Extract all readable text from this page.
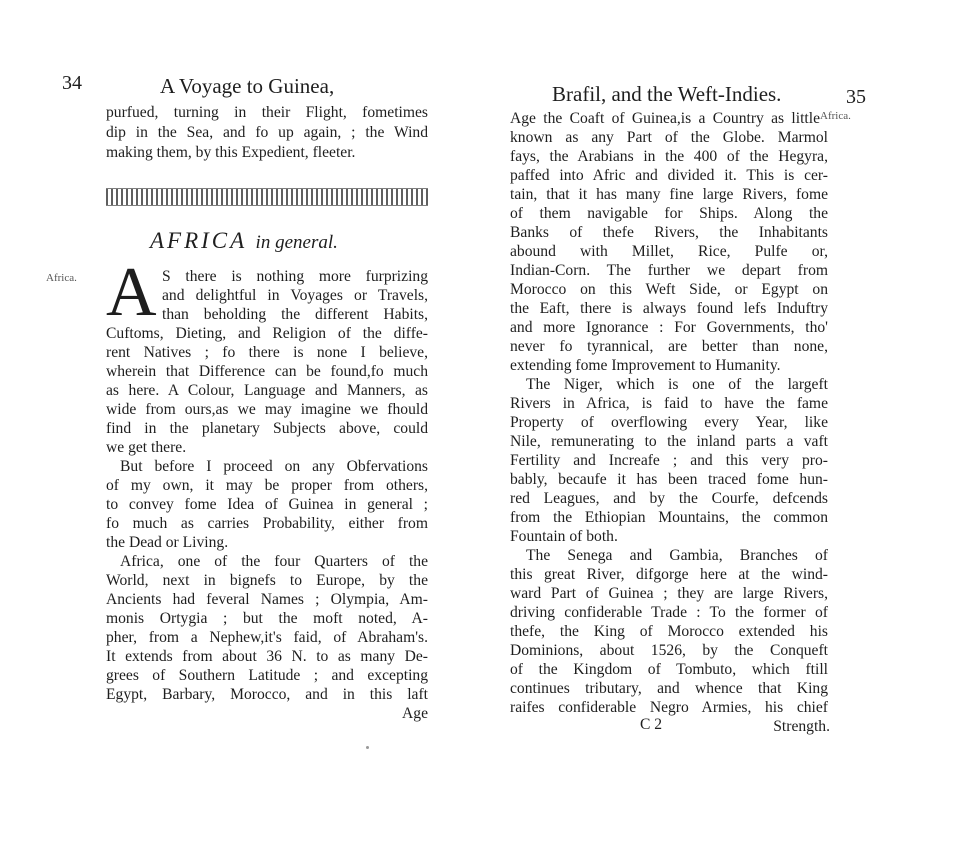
34	A Voyage to Guinea,
purfued, turning in their Flight, fometimes
dip in the Sea, and fo up again, ; the Wind
making them, by this Expedient, fleeter.
AFRICA in general.
Africa. A S there is nothing more furprizing
and delightful in Voyages or Travels,
than beholding the different Habits,
Cuftoms, Dieting, and Religion of the diffe-
rent Natives ; fo there is none I believe,
wherein that Difference can be found,fo much
as here. A Colour, Language and Manners, as
wide from ours,as we may imagine we fhould
find in the planetary Subjects above, could
we get there.
But before I proceed on any Obfervations
of my own, it may be proper from others,
to convey fome Idea of Guinea in general ;
fo much as carries Probability, either from
the Dead or Living.
Africa, one of the four Quarters of the
World, next in bignefs to Europe, by the
Ancients had feveral Names ; Olympia, Am-
monis Ortygia ; but the moft noted, A-
pher, from a Nephew,it's faid, of Abraham's.
It extends from about 36 N. to as many De-
grees of Southern Latitude ; and excepting
Egypt, Barbary, Morocco, and in this laft
Age
Brafil, and the Weft-Indies.	35
Africa.
Age the Coaft of Guinea,is a Country as little
known as any Part of the Globe. Marmol
fays, the Arabians in the 400 of the Hegyra,
paffed into Afric and divided it. This is cer-
tain, that it has many fine large Rivers, fome
of them navigable for Ships. Along the
Banks of thefe Rivers, the Inhabitants
abound with Millet, Rice, Pulfe or,
Indian-Corn. The further we depart from
Morocco on this Weft Side, or Egypt on
the Eaft, there is always found lefs Induftry
and more Ignorance : For Governments, tho'
never fo tyrannical, are better than none,
extending fome Improvement to Humanity.
The Niger, which is one of the largeft
Rivers in Africa, is faid to have the fame
Property of overflowing every Year, like
Nile, remunerating to the inland parts a vaft
Fertility and Increafe ; and this very pro-
bably, becaufe it has been traced fome hun-
red Leagues, and by the Courfe, defcends
from the Ethiopian Mountains, the common
Fountain of both.
The Senega and Gambia, Branches of
this great River, difgorge here at the wind-
ward Part of Guinea ; they are large Rivers,
driving confiderable Trade : To the former of
thefe, the King of Morocco extended his
Dominions, about 1526, by the Conqueft
of the Kingdom of Tombuto, which ftill
continues tributary, and whence that King
raifes confiderable Negro Armies, his chief
C 2	Strength.
